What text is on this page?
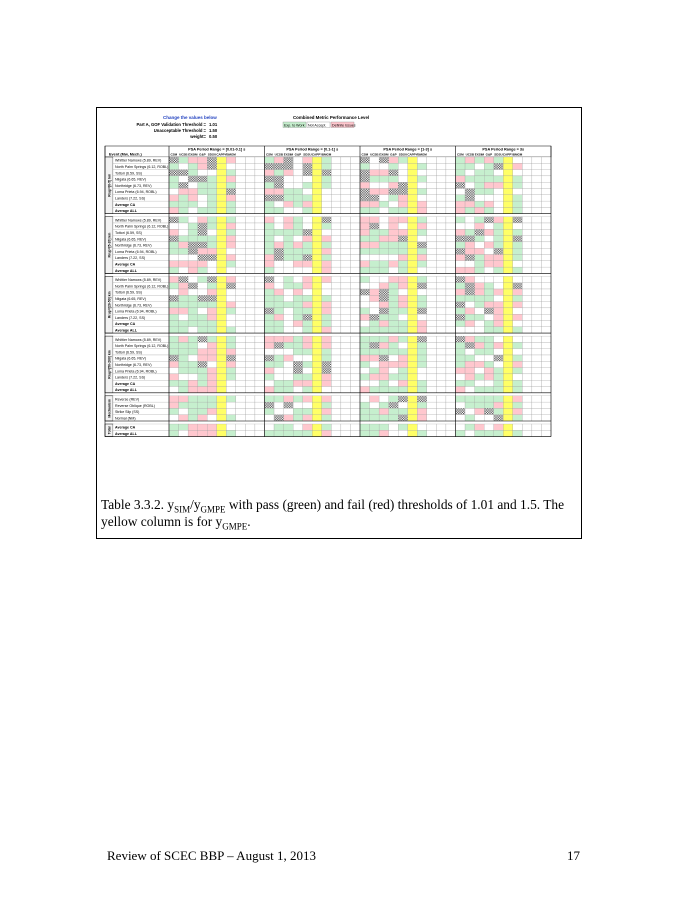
Change the values below
Part A, GOF Validation Threshold = 1.01
Unacceptable Threshold = 1.50
weight= 0.50
Combined Metric Performance Level
Exp. to Work Not Accept. Definite Issues
PSA Period Range = [0.01-0.1] s	PSA Period Range = [0.1-1] s	PSA Period Range = [1-3] s	PSA Period Range = 3s
Event (Mw, Mech.)	CSM UCSB EXSIM G&P SDSU CAPPY BMGM	CSM UCSB EXSIM G&P SDSU CAPPY BMGM	CSM UCSB EXSIM G&P SDSU CAPPY BMGM	CSM UCSB EXSIM G&P SDSU CAPPY BMGM
Rrup=[0-5] km
Whittier Narrows (5.89, REV)
North Palm Springs (6.12, ROBL)
Tottori (6.59, SS)
Niigata (6.65, REV)
Northridge (6.73, REV)
Loma Prieta (6.94, ROBL)
Landers (7.22, SS)
Average CA
Average ALL
Rrup=[5-20] km
Whittier Narrows (5.89, REV)
North Palm Springs (6.12, ROBL)
Tottori (6.59, SS)
Niigata (6.65, REV)
Northridge (6.73, REV)
Loma Prieta (6.94, ROBL)
Landers (7.22, SS)
Average CA
Average ALL
Rrup=[20-50] km
Whittier Narrows (5.89, REV)
North Palm Springs (6.12, ROBL)
Tottori (6.59, SS)
Niigata (6.65, REV)
Northridge (6.73, REV)
Loma Prieta (6.94, ROBL)
Landers (7.22, SS)
Average CA
Average ALL
Rrup=[50-200] km
Whittier Narrows (5.89, REV)
North Palm Springs (6.12, ROBL)
Tottori (6.59, SS)
Niigata (6.65, REV)
Northridge (6.73, REV)
Loma Prieta (6.94, ROBL)
Landers (7.22, SS)
Average CA
Average ALL
Mechanism Reverse (REV)
Reverse Oblique (ROBL)
Strike Slip (SS)
Normal (NM)
Total Average CA
Average ALL
Table 3.3.2. $y_{SIM}/y_{GMPE}$ with pass (green) and fail (red) thresholds of 1.01 and 1.5. The yellow column is for $y_{GMPE}$.
Review of SCEC BBP – August 1, 2013	17
